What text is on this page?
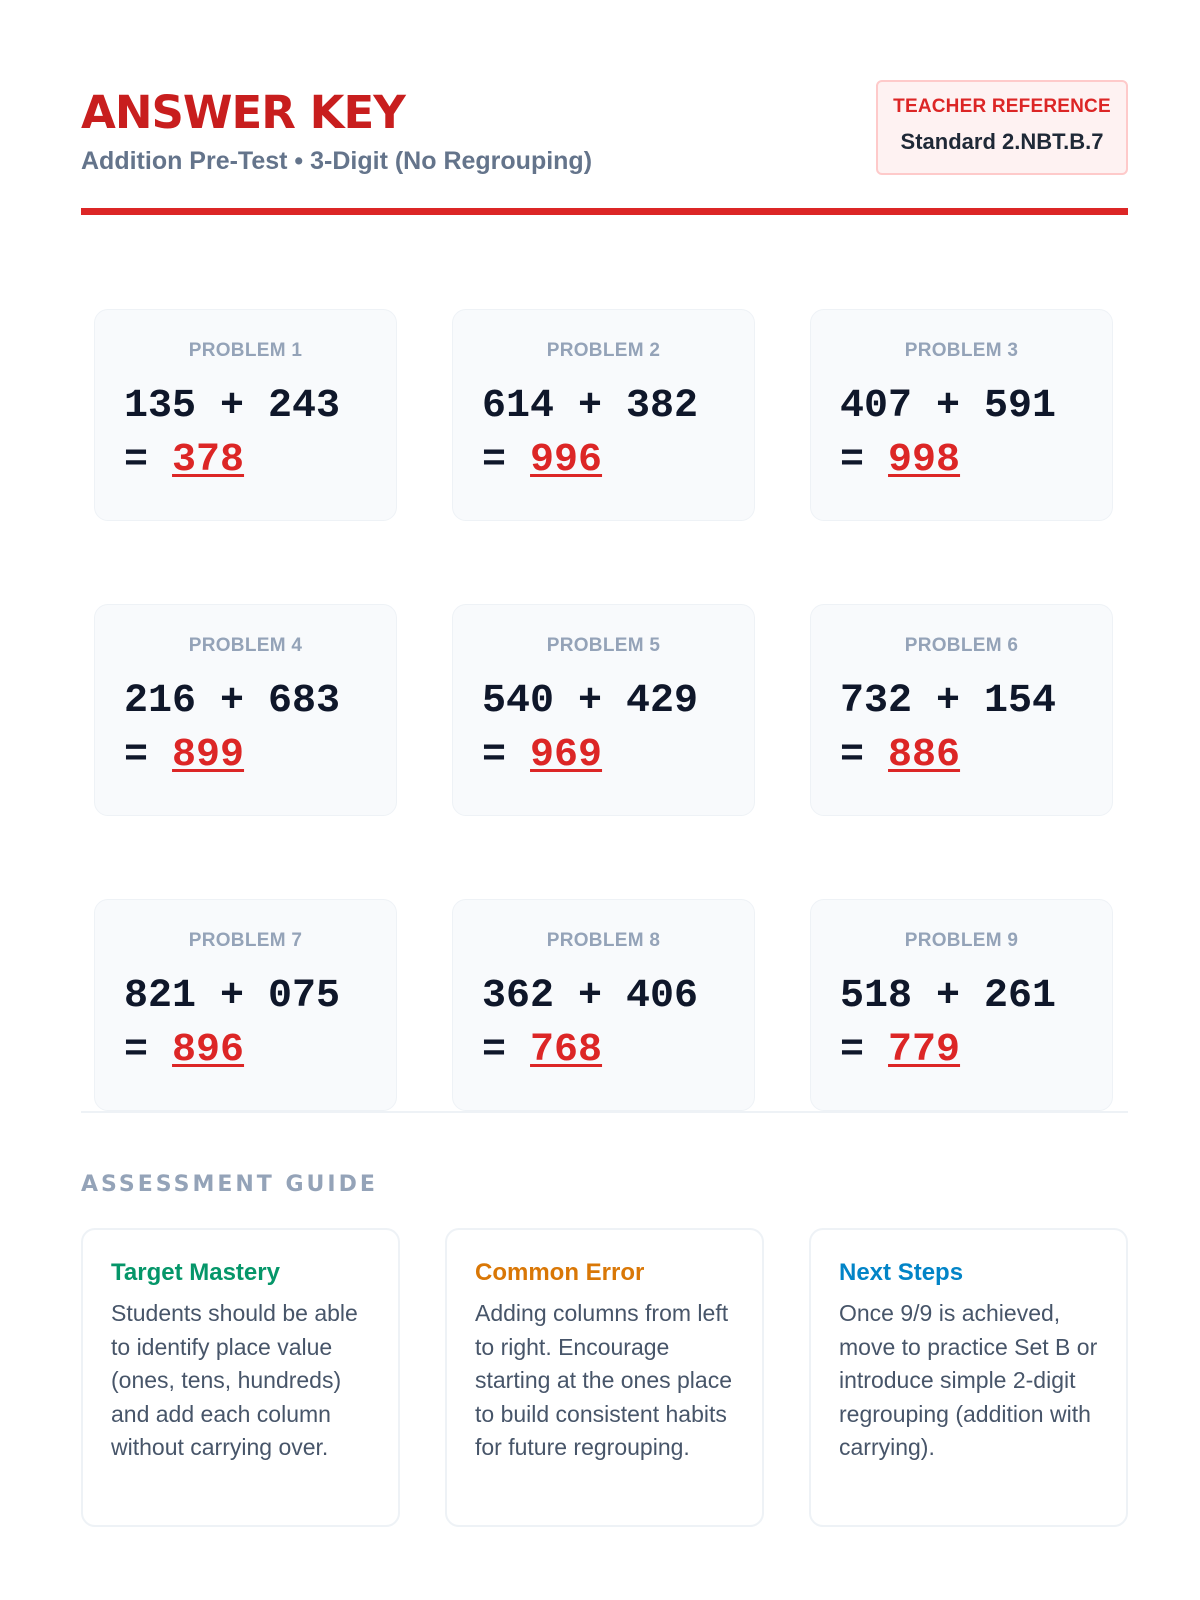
ANSWER KEY
Addition Pre-Test • 3-Digit (No Regrouping)
TEACHER REFERENCE
Standard 2.NBT.B.7
PROBLEM 1
135 + 243
= 378
PROBLEM 2
614 + 382
= 996
PROBLEM 3
407 + 591
= 998
PROBLEM 4
216 + 683
= 899
PROBLEM 5
540 + 429
= 969
PROBLEM 6
732 + 154
= 886
PROBLEM 7
821 + 075
= 896
PROBLEM 8
362 + 406
= 768
PROBLEM 9
518 + 261
= 779
ASSESSMENT GUIDE
Target Mastery

Students should be able to identify place value (ones, tens, hundreds) and add each column without carrying over.

Common Error

Adding columns from left to right. Encourage starting at the ones place to build consistent habits for future regrouping.

Next Steps

Once 9/9 is achieved, move to practice Set B or introduce simple 2-digit regrouping (addition with carrying).
